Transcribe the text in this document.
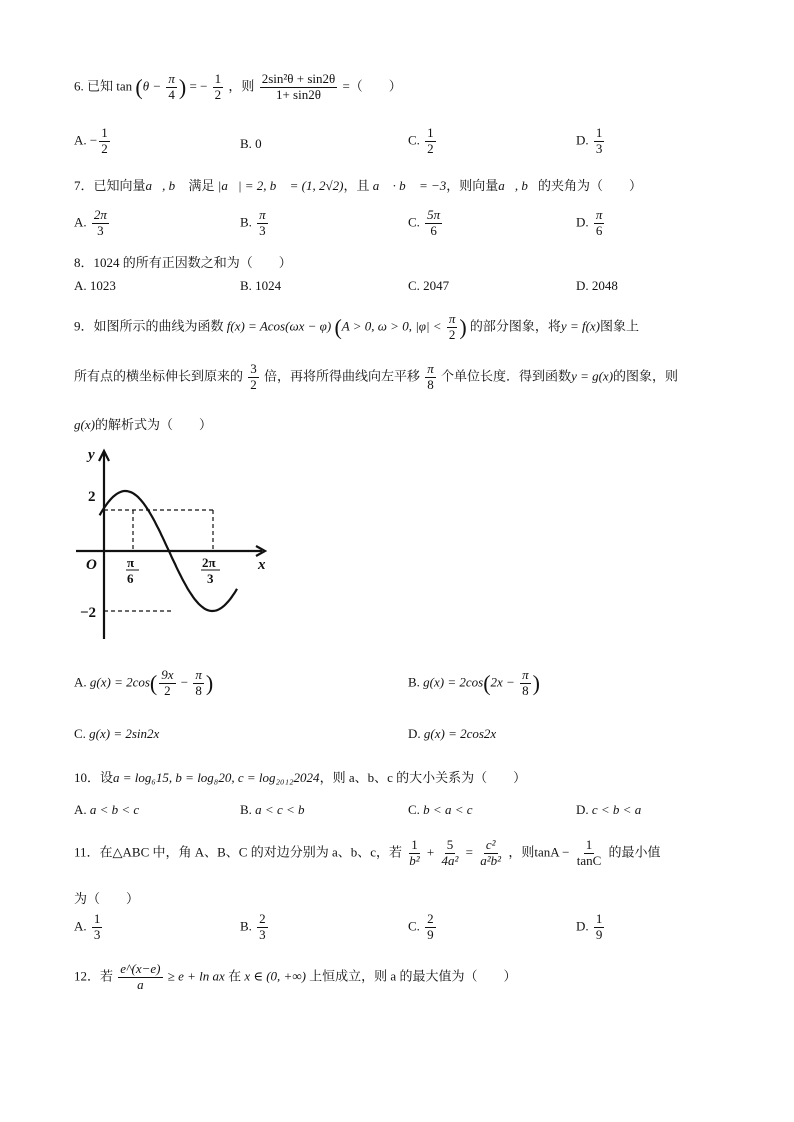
6. 已知 $\tan (\theta - \frac{\pi}{4}$ ) = − $\frac{1}{2}$ ，则 $\frac{\text{2sin²θ + sin2θ}}{1+ \sin 2\theta}$ =（　　）
A. − $\frac{1}{2}$	B. 0	C. $\frac{1}{2}$	D. $\frac{1}{3}$
7．已知向量a⃗, b⃗ 满足 |a⃗| = 2, b⃗ = (1, 2√2)，且 a⃗ · b⃗ = −3，则向量a⃗, b⃗的夹角为（　　）
A. $\frac{2\pi}{3}$	B. $\frac{\pi}{3}$	C. $\frac{5\pi}{6}$	D. $\frac{\pi}{6}$
8．1024 的所有正因数之和为（　　）
A. 1023	B. 1024	C. 2047	D. 2048
9．如图所示的曲线为函数 f(x) = Acos(ωx − φ) (A > 0, ω > 0, $|\varphi| < \frac{\pi}{2}$ ) 的部分图象，将y = f(x)图象上
所有点的横坐标伸长到原来的 $\frac{3}{2}$ 倍，再将所得曲线向左平移 $\frac{\pi}{8}$ 个单位长度．得到函数y = g(x)的图象，则
g(x)的解析式为（　　）
y
x
O
2
−2
π
6
2π
3
A. $g(x) = 2\cos( \frac{9x}{2} - \frac{\pi}{8}$ )	B. $g(x) = 2\cos(2x - \frac{\pi}{8}$ )
C. g(x) = 2sin2x	D. g(x) = 2cos2x
10．设a = log₆15, b = log₈20, c = log₂₀₁₂2024，则 a、b、c 的大小关系为（　　）
A. a < b < c	B. a < c < b	C. b < a < c	D. c < b < a
11．在△ABC 中，角 A、B、C 的对边分别为 a、b、c，若 $\frac{1}{\text{b²}} + \frac{5}{\text{4a²}} = \frac{\text{c²}}{\text{a²b²}}$ ，则$\tan A - \frac{1}{\tan C}$ 的最小值
为（　　）
A. $\frac{1}{3}$	B. $\frac{2}{3}$	C. $\frac{2}{9}$	D. $\frac{1}{9}$
12．若 $\frac{e\^{}(x-e)}{a} \ge e + \ln$ ax 在 x ∈ (0, +∞) 上恒成立，则 a 的最大值为（　　）
